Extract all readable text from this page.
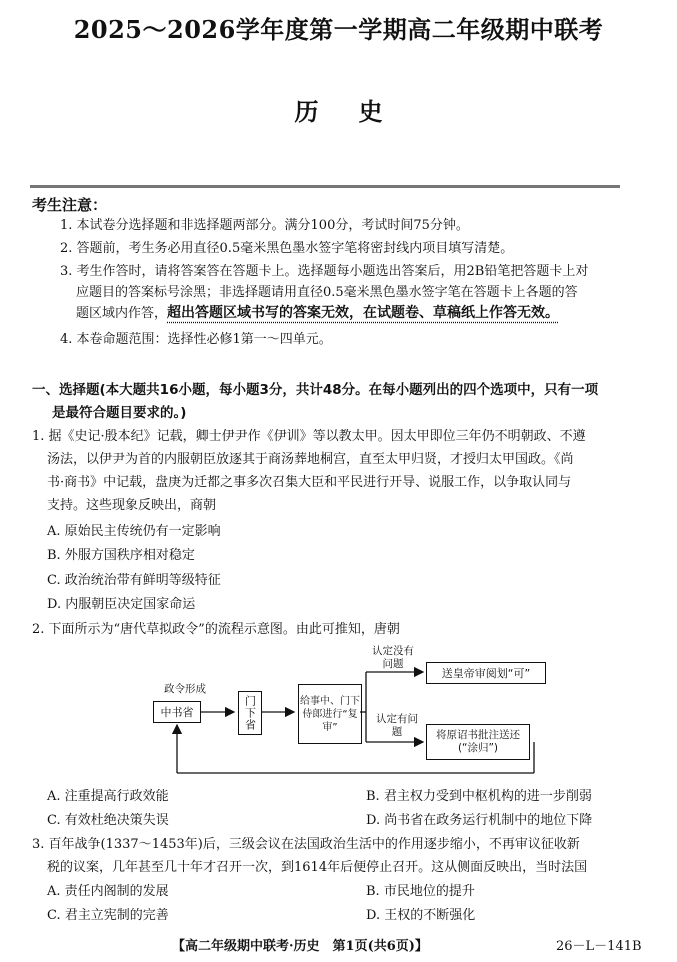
2025～2026学年度第一学期高二年级期中联考
历史
考生注意：
1. 本试卷分选择题和非选择题两部分。满分100分，考试时间75分钟。
2. 答题前，考生务必用直径0.5毫米黑色墨水签字笔将密封线内项目填写清楚。
3. 考生作答时，请将答案答在答题卡上。选择题每小题选出答案后，用2B铅笔把答题卡上对
应题目的答案标号涂黑；非选择题请用直径0.5毫米黑色墨水签字笔在答题卡上各题的答
题区域内作答，超出答题区域书写的答案无效，在试题卷、草稿纸上作答无效。
4. 本卷命题范围：选择性必修1第一～四单元。
一、选择题(本大题共16小题，每小题3分，共计48分。在每小题列出的四个选项中，只有一项
是最符合题目要求的。)
1. 据《史记·殷本纪》记载，卿士伊尹作《伊训》等以教太甲。因太甲即位三年仍不明朝政、不遵
汤法，以伊尹为首的内服朝臣放逐其于商汤葬地桐宫，直至太甲归贤，才授归太甲国政。《尚
书·商书》中记载，盘庚为迁都之事多次召集大臣和平民进行开导、说服工作，以争取认同与
支持。这些现象反映出，商朝
A. 原始民主传统仍有一定影响
B. 外服方国秩序相对稳定
C. 政治统治带有鲜明等级特征
D. 内服朝臣决定国家命运
2. 下面所示为“唐代草拟政令”的流程示意图。由此可推知，唐朝
政令形成
中书省	门下省	给事中、门下侍郎进行“复审”
认定没有问题
认定有问题
送皇帝审阅划“可”
将原诏书批注送还(“涂归”)
A. 注重提高行政效能	B. 君主权力受到中枢机构的进一步削弱
C. 有效杜绝决策失误	D. 尚书省在政务运行机制中的地位下降
3. 百年战争(1337～1453年)后，三级会议在法国政治生活中的作用逐步缩小，不再审议征收新
税的议案，几年甚至几十年才召开一次，到1614年后便停止召开。这从侧面反映出，当时法国
A. 责任内阁制的发展	B. 市民地位的提升
C. 君主立宪制的完善	D. 王权的不断强化
【高二年级期中联考·历史　第1页(共6页)】	26－L－141B
